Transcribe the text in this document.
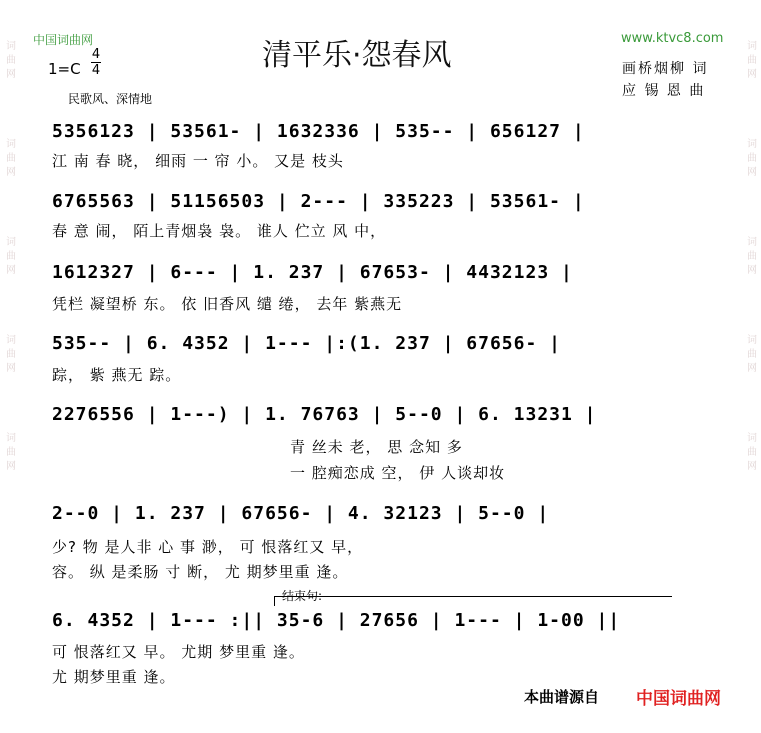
词曲网

词曲网

词曲网

词曲网

词曲网
词曲网

词曲网

词曲网

词曲网

词曲网
中国词曲网	www.ktvc8.com
清平乐·怨春风
1=C
4
4
民歌风、深情地
画桥烟柳 词
应 锡 恩 曲
5356123 | 53561- | 1632336 | 535-- | 656127 |
江 南 春 晓， 细雨 一 帘 小。 又是 枝头
6765563 | 51156503 | 2--- | 335223 | 53561- |
春 意 闹， 陌上青烟袅 袅。 谁人 伫立 风 中，
1612327 | 6--- | 1. 237 | 67653- | 4432123 |
凭栏 凝望桥 东。 依 旧香风 缱 绻， 去年 紫燕无
535-- | 6. 4352 | 1--- |:(1. 237 | 67656- |
踪， 紫 燕无 踪。
2276556 | 1---) | 1. 76763 | 5--0 | 6. 13231 |
青 丝未 老， 思 念知 多
一 腔痴恋成 空， 伊 人谈却妆
2--0 | 1. 237 | 67656- | 4. 32123 | 5--0 |
少? 物 是人非 心 事 渺， 可 恨落红又 早，
容。 纵 是柔肠 寸 断， 尤 期梦里重 逢。
结束句:
6. 4352 | 1--- :|| 35-6 | 27656 | 1--- | 1-00 ||
可 恨落红又 早。 尤期 梦里重 逢。
尤 期梦里重 逢。
本曲谱源自 中国词曲网
